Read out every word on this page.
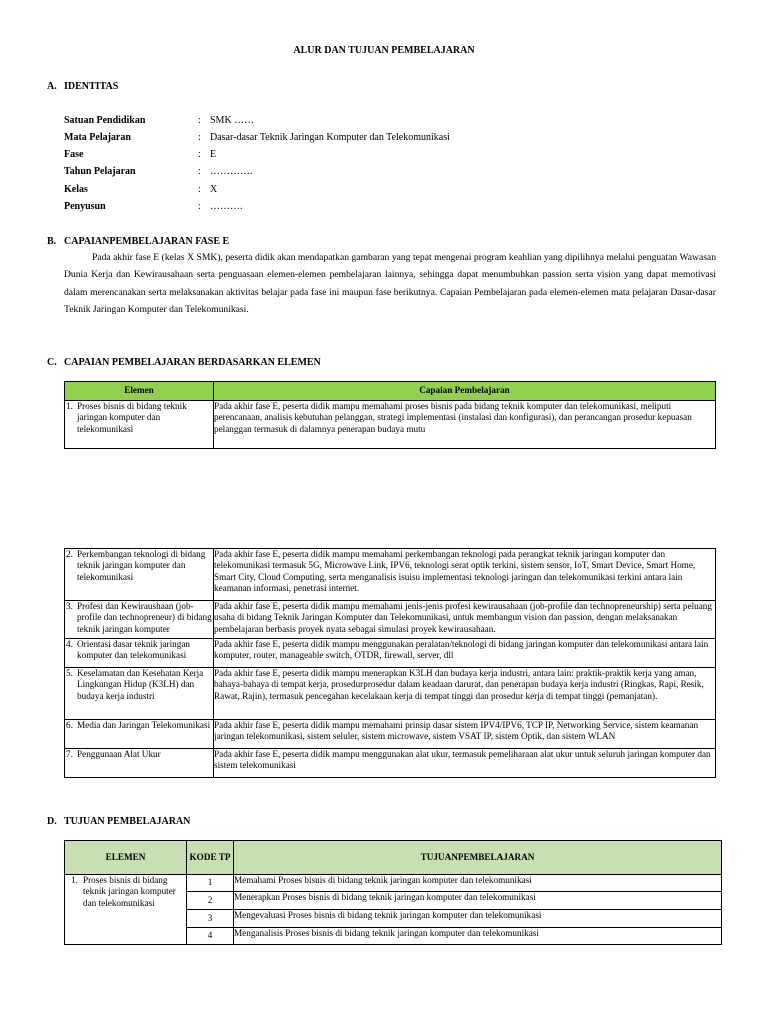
ALUR DAN TUJUAN PEMBELAJARAN
A. IDENTITAS
Satuan Pendidikan	: SMK ……
Mata Pelajaran	: Dasar-dasar Teknik Jaringan Komputer dan Telekomunikasi
Fase	: E
Tahun Pelajaran	: ………….
Kelas	: X
Penyusun	: ……….
B. CAPAIANPEMBELAJARAN FASE E

Pada akhir fase E (kelas X SMK), peserta didik akan mendapatkan gambaran yang tepat mengenai program keahlian yang dipilihnya melalui penguatan Wawasan Dunia Kerja dan Kewirausahaan serta penguasaan elemen-elemen pembelajaran lainnya, sehingga dapat menumbuhkan passion serta vision yang dapat memotivasi dalam merencanakan serta melaksanakan aktivitas belajar pada fase ini maupun fase berikutnya. Capaian Pembelajaran pada elemen-elemen mata pelajaran Dasar-dasar Teknik Jaringan Komputer dan Telekomunikasi.

C. CAPAIAN PEMBELAJARAN BERDASARKAN ELEMEN
Elemen	Capaian Pembelajaran

1. Proses bisnis di bidang teknik jaringan komputer dan telekomunikasi	Pada akhir fase E, peserta didik mampu memahami proses bisnis pada bidang teknik komputer dan telekomunikasi, meliputi perencanaan, analisis kebutuhan pelanggan, strategi implementasi (instalasi dan konfigurasi), dan perancangan prosedur kepuasan pelanggan termasuk di dalamnya penerapan budaya mutu
2. Perkembangan teknologi di bidang teknik jaringan komputer dan telekomunikasi	Pada akhir fase E, peserta didik mampu memahami perkembangan teknologi pada perangkat teknik jaringan komputer dan telekomunikasi termasuk 5G, Microwave Link, IPV6, teknologi serat optik terkini, sistem sensor, IoT, Smart Device, Smart Home, Smart City, Cloud Computing, serta menganalisis isuisu implementasi teknologi jaringan dan telekomunikasi terkini antara lain keamanan informasi, penetrasi internet.

3. Profesi dan Kewiraushaan (job-profile dan technopreneur) di bidang teknik jaringan komputer	Pada akhir fase E, peserta didik mampu memahami jenis-jenis profesi kewirausahaan (job-profile dan technopreneurship) serta peluang usaha di bidang Teknik Jaringan Komputer dan Telekomunikasi, untuk membangun vision dan passion, dengan melaksanakan pembelajaran berbasis proyek nyata sebagai simulasi proyek kewirausahaan.

4. Orientasi dasar teknik jaringan komputer dan telekomunikasi	Pada akhir fase E, peserta didik mampu menggunakan peralatan/teknologi di bidang jaringan komputer dan telekomunikasi antara lain komputer, router, manageable switch, OTDR, firewall, server, dll

5. Keselamatan dan Kesehatan Kerja Lingkungan Hidup (K3LH) dan budaya kerja industri	Pada akhir fase E, peserta didik mampu menerapkan K3LH dan budaya kerja industri, antara lain: praktik-praktik kerja yang aman, bahaya-bahaya di tempat kerja, prosedurprosedur dalam keadaan darurat, dan penerapan budaya kerja industri (Ringkas, Rapi, Resik, Rawat, Rajin), termasuk pencegahan kecelakaan kerja di tempat tinggi dan prosedur kerja di tempat tinggi (pemanjatan).

6. Media dan Jaringan Telekomunikasi	Pada akhir fase E, peserta didik mampu memahami prinsip dasar sistem IPV4/IPV6, TCP IP, Networking Service, sistem keamanan jaringan telekomunikasi, sistem seluler, sistem microwave, sistem VSAT IP, sistem Optik, dan sistem WLAN

7. Penggunaan Alat Ukur	Pada akhir fase E, peserta didik mampu menggunakan alat ukur, termasuk pemeliharaan alat ukur untuk seluruh jaringan komputer dan sistem telekomunikasi
D. TUJUAN PEMBELAJARAN
ELEMEN	KODE TP	TUJUANPEMBELAJARAN

1. Proses bisnis di bidang teknik jaringan komputer dan telekomunikasi	1	Memahami Proses bisnis di bidang teknik jaringan komputer dan telekomunikasi
	2	Menerapkan Proses bisnis di bidang teknik jaringan komputer dan telekomunikasi
	3	Mengevaluasi Proses bisnis di bidang teknik jaringan komputer dan telekomunikasi
	4	Menganalisis Proses bisnis di bidang teknik jaringan komputer dan telekomunikasi
